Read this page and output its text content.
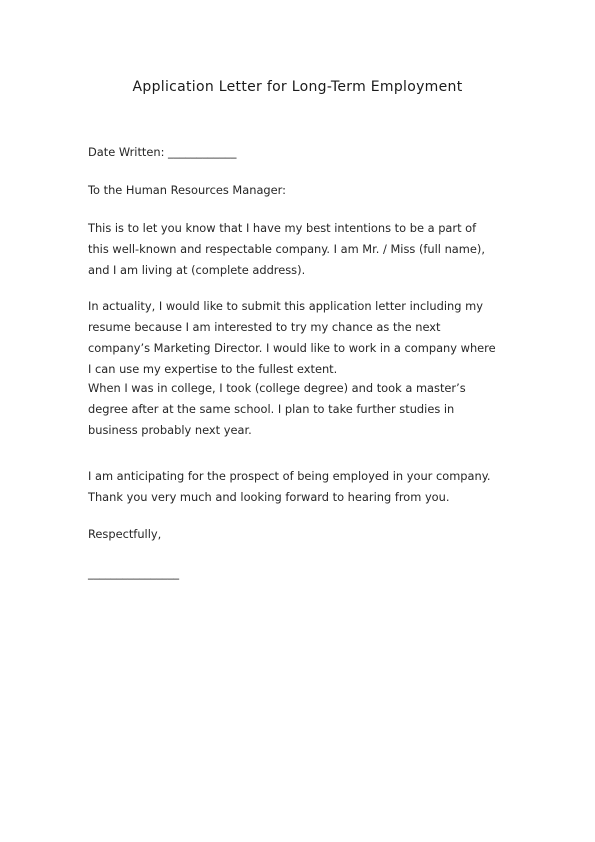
Application Letter for Long-Term Employment
Date Written: ____________
To the Human Resources Manager:
This is to let you know that I have my best intentions to be a part of
this well-known and respectable company. I am Mr. / Miss (full name),
and I am living at (complete address).
In actuality, I would like to submit this application letter including my
resume because I am interested to try my chance as the next
company’s Marketing Director. I would like to work in a company where
I can use my expertise to the fullest extent.
When I was in college, I took (college degree) and took a master’s
degree after at the same school. I plan to take further studies in
business probably next year.
I am anticipating for the prospect of being employed in your company.
Thank you very much and looking forward to hearing from you.
Respectfully,
________________
